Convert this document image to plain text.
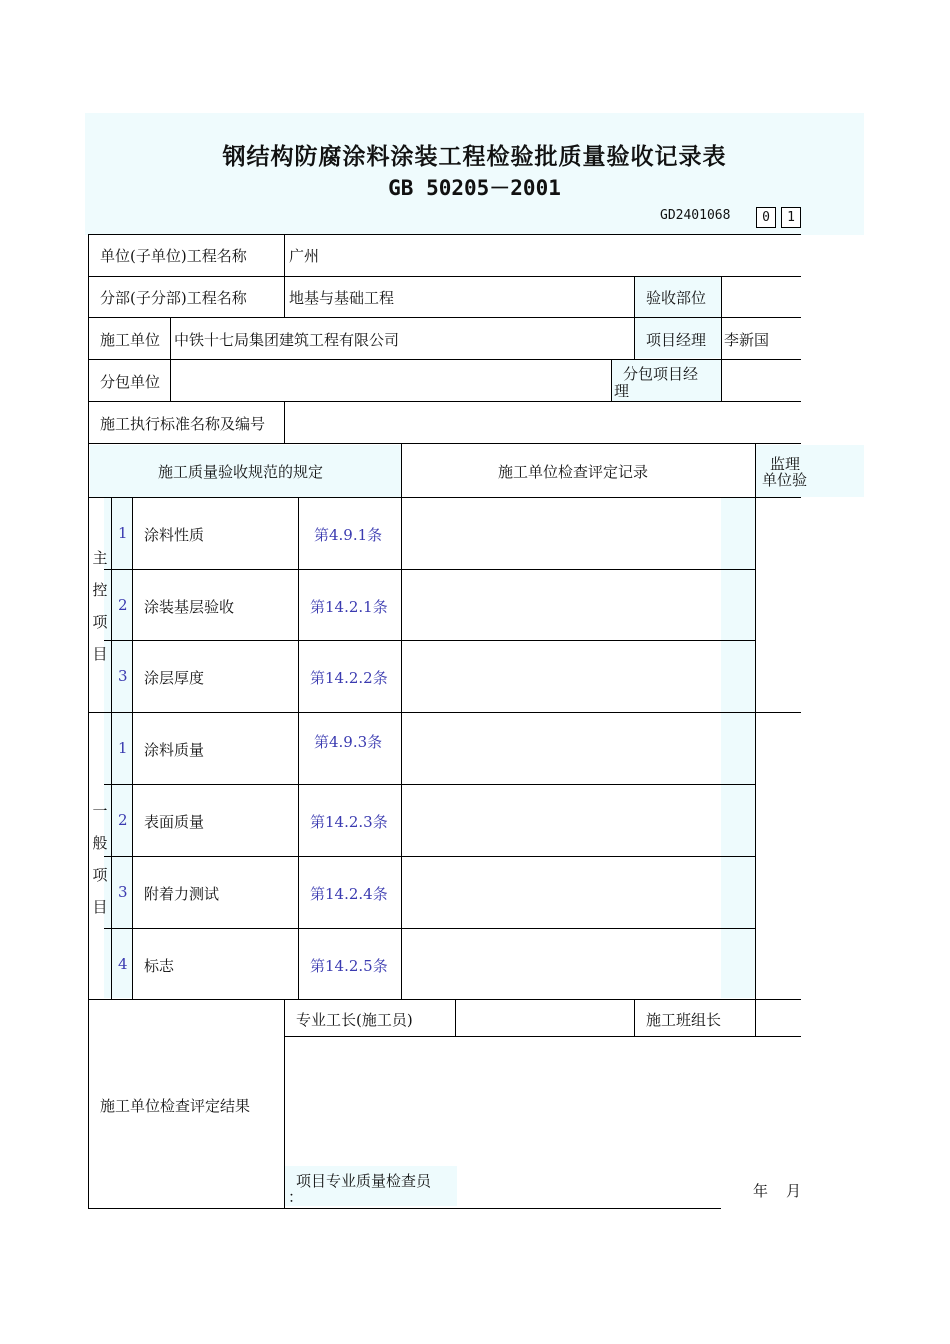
钢结构防腐涂料涂装工程检验批质量验收记录表
GB 50205－2001
GD2401068	0	1
单位(子单位)工程名称	广州
分部(子分部)工程名称	地基与基础工程	验收部位
施工单位 中铁十七局集团建筑工程有限公司	项目经理 李新国
分包单位	分包项目经
理
施工执行标准名称及编号
施工质量验收规范的规定	施工单位检查评定记录	监理
单位验
主
控
项
目
1 涂料性质	第4.9.1条
2 涂装基层验收	第14.2.1条
3 涂层厚度	第14.2.2条
一
般
项
目
1 涂料质量	第4.9.3条
2 表面质量	第14.2.3条
3 附着力测试	第14.2.4条
4 标志	第14.2.5条
施工单位检查评定结果
专业工长(施工员)	施工班组长
项目专业质量检查员
：	年 月
